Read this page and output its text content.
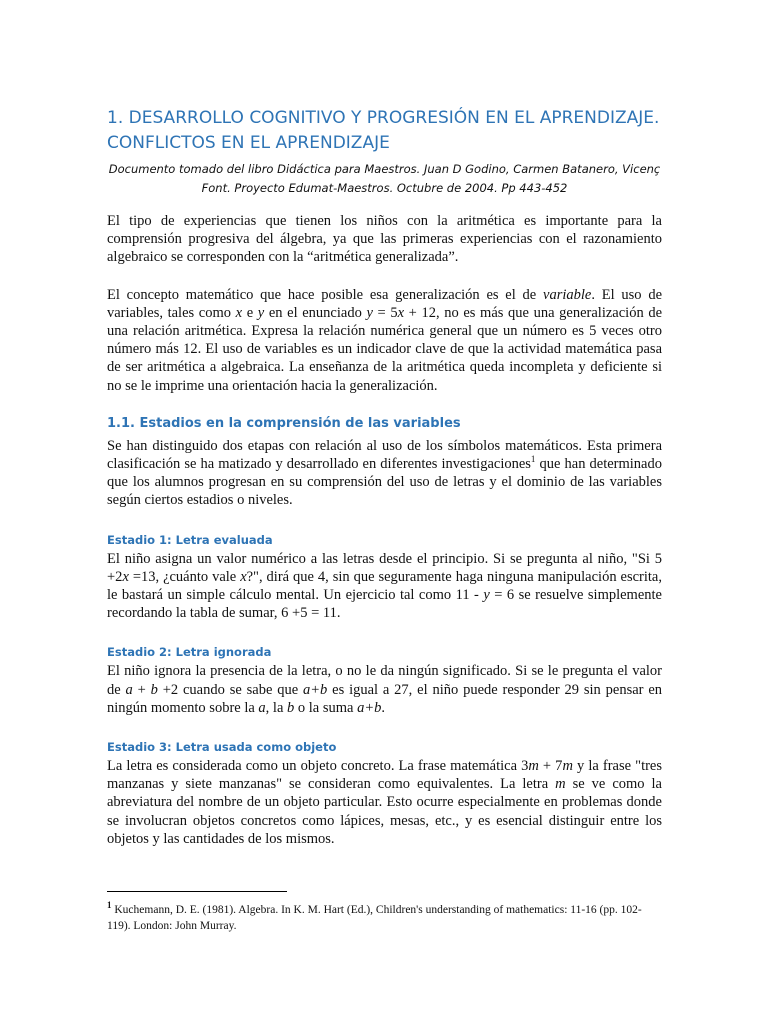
1. DESARROLLO COGNITIVO Y PROGRESIÓN EN EL APRENDIZAJE. CONFLICTOS EN EL APRENDIZAJE

Documento tomado del libro Didáctica para Maestros. Juan D Godino, Carmen Batanero, Vicenç Font. Proyecto Edumat-Maestros. Octubre de 2004. Pp 443-452

El tipo de experiencias que tienen los niños con la aritmética es importante para la comprensión progresiva del álgebra, ya que las primeras experiencias con el razonamiento algebraico se corresponden con la “aritmética generalizada”.

El concepto matemático que hace posible esa generalización es el de variable. El uso de variables, tales como x e y en el enunciado y = 5x + 12, no es más que una generalización de una relación aritmética. Expresa la relación numérica general que un número es 5 veces otro número más 12. El uso de variables es un indicador clave de que la actividad matemática pasa de ser aritmética a algebraica. La enseñanza de la aritmética queda incompleta y deficiente si no se le imprime una orientación hacia la generalización.

1.1. Estadios en la comprensión de las variables

Se han distinguido dos etapas con relación al uso de los símbolos matemáticos. Esta primera clasificación se ha matizado y desarrollado en diferentes investigaciones$^1$ que han determinado que los alumnos progresan en su comprensión del uso de letras y el dominio de las variables según ciertos estadios o niveles.

Estadio 1: Letra evaluada

El niño asigna un valor numérico a las letras desde el principio. Si se pregunta al niño, "Si 5 +2x =13, ¿cuánto vale x?", dirá que 4, sin que seguramente haga ninguna manipulación escrita, le bastará un simple cálculo mental. Un ejercicio tal como 11 - y = 6 se resuelve simplemente recordando la tabla de sumar, 6 +5 = 11.

Estadio 2: Letra ignorada

El niño ignora la presencia de la letra, o no le da ningún significado. Si se le pregunta el valor de a + b +2 cuando se sabe que a+b es igual a 27, el niño puede responder 29 sin pensar en ningún momento sobre la a, la b o la suma a+b.

Estadio 3: Letra usada como objeto

La letra es considerada como un objeto concreto. La frase matemática 3m + 7m y la frase "tres manzanas y siete manzanas" se consideran como equivalentes. La letra m se ve como la abreviatura del nombre de un objeto particular. Esto ocurre especialmente en problemas donde se involucran objetos concretos como lápices, mesas, etc., y es esencial distinguir entre los objetos y las cantidades de los mismos.

$^1$ Kuchemann, D. E. (1981). Algebra. In K. M. Hart (Ed.), Children's understanding of mathematics: 11-16 (pp. 102-119). London: John Murray.
